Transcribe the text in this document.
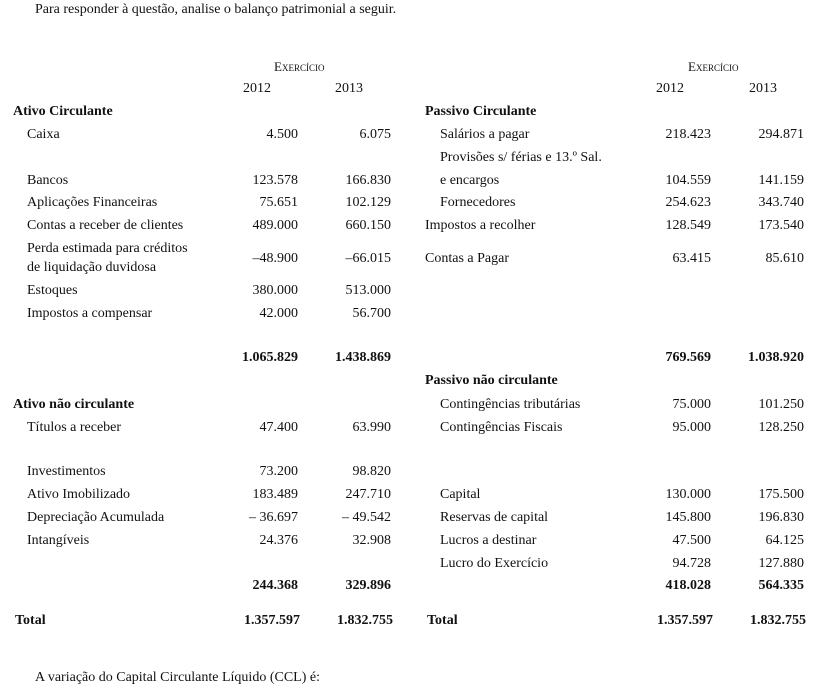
Para responder à questão, analise o balanço patrimonial a seguir.
Exercício
2012	2013
Exercício
2012	2013
Ativo Circulante
Caixa	4.500	6.075
Bancos	123.578	166.830
Aplicações Financeiras	75.651	102.129
Contas a receber de clientes	489.000	660.150
Perda estimada para créditos
de liquidação duvidosa
–48.900	–66.015
Estoques	380.000	513.000
Impostos a compensar	42.000	56.700
1.065.829	1.438.869
Ativo não circulante
Títulos a receber	47.400	63.990
Investimentos	73.200	98.820
Ativo Imobilizado	183.489	247.710
Depreciação Acumulada	– 36.697	– 49.542
Intangíveis	24.376	32.908
244.368	329.896
Total	1.357.597	1.832.755
Passivo Circulante
Salários a pagar	218.423	294.871
Provisões s/ férias e 13.º Sal.
e encargos	104.559	141.159
Fornecedores	254.623	343.740
Impostos a recolher	128.549	173.540
Contas a Pagar	63.415	85.610
769.569	1.038.920
Passivo não circulante
Contingências tributárias	75.000	101.250
Contingências Fiscais	95.000	128.250
Capital	130.000	175.500
Reservas de capital	145.800	196.830
Lucros a destinar	47.500	64.125
Lucro do Exercício	94.728	127.880
418.028	564.335
Total	1.357.597	1.832.755
A variação do Capital Circulante Líquido (CCL) é:
